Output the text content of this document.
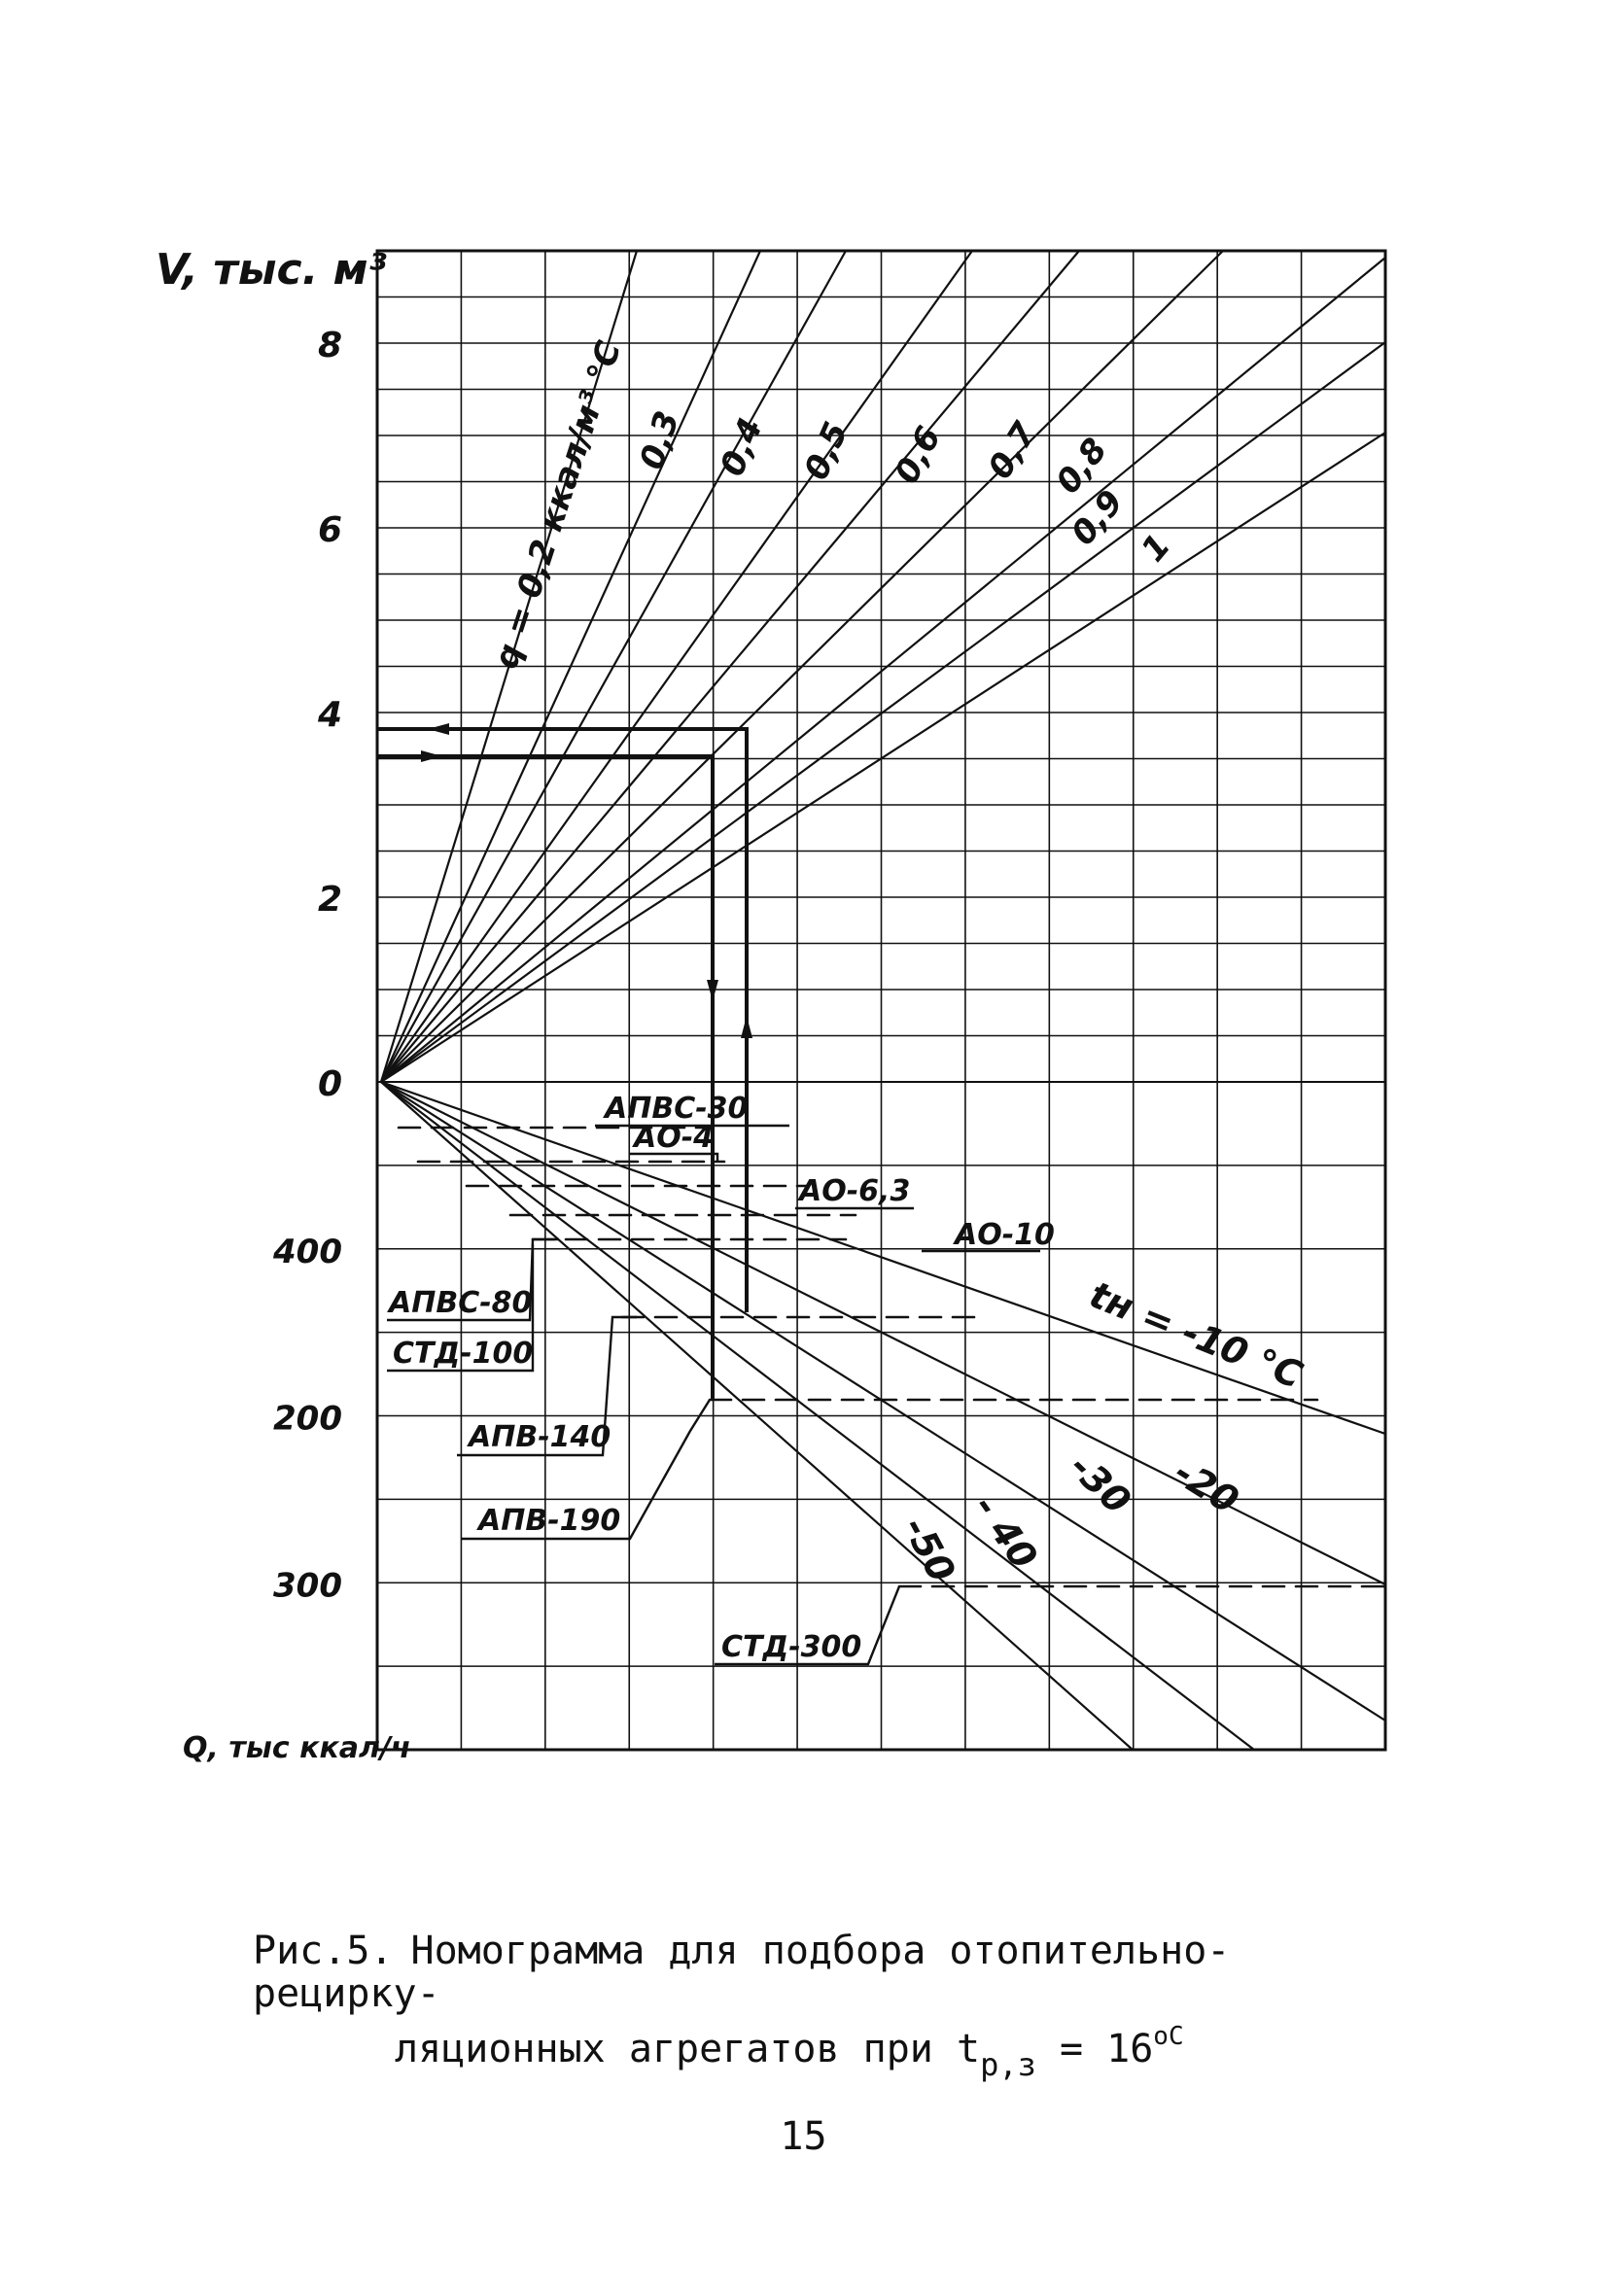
V, тыс. м³
Q, тыс ккал/ч
8
6
4
2
0
400
200
300
q = 0,2 ккал/м³ °С 0,3 0,4 0,5 0,6 0,7 0,8
0,9 1
tн = -10 °С
-20
-30
- 40
-50
АПВС-30
АО-4
АО-6,3
АО-10
АПВС-80
СТД-100
АПВ-140
АПВ-190
СТД-300
Рис.5. Номограмма для подбора отопительно-рециркy-
ляционных агрегатов при $t_{р,з} = 16^{оС}$
15
